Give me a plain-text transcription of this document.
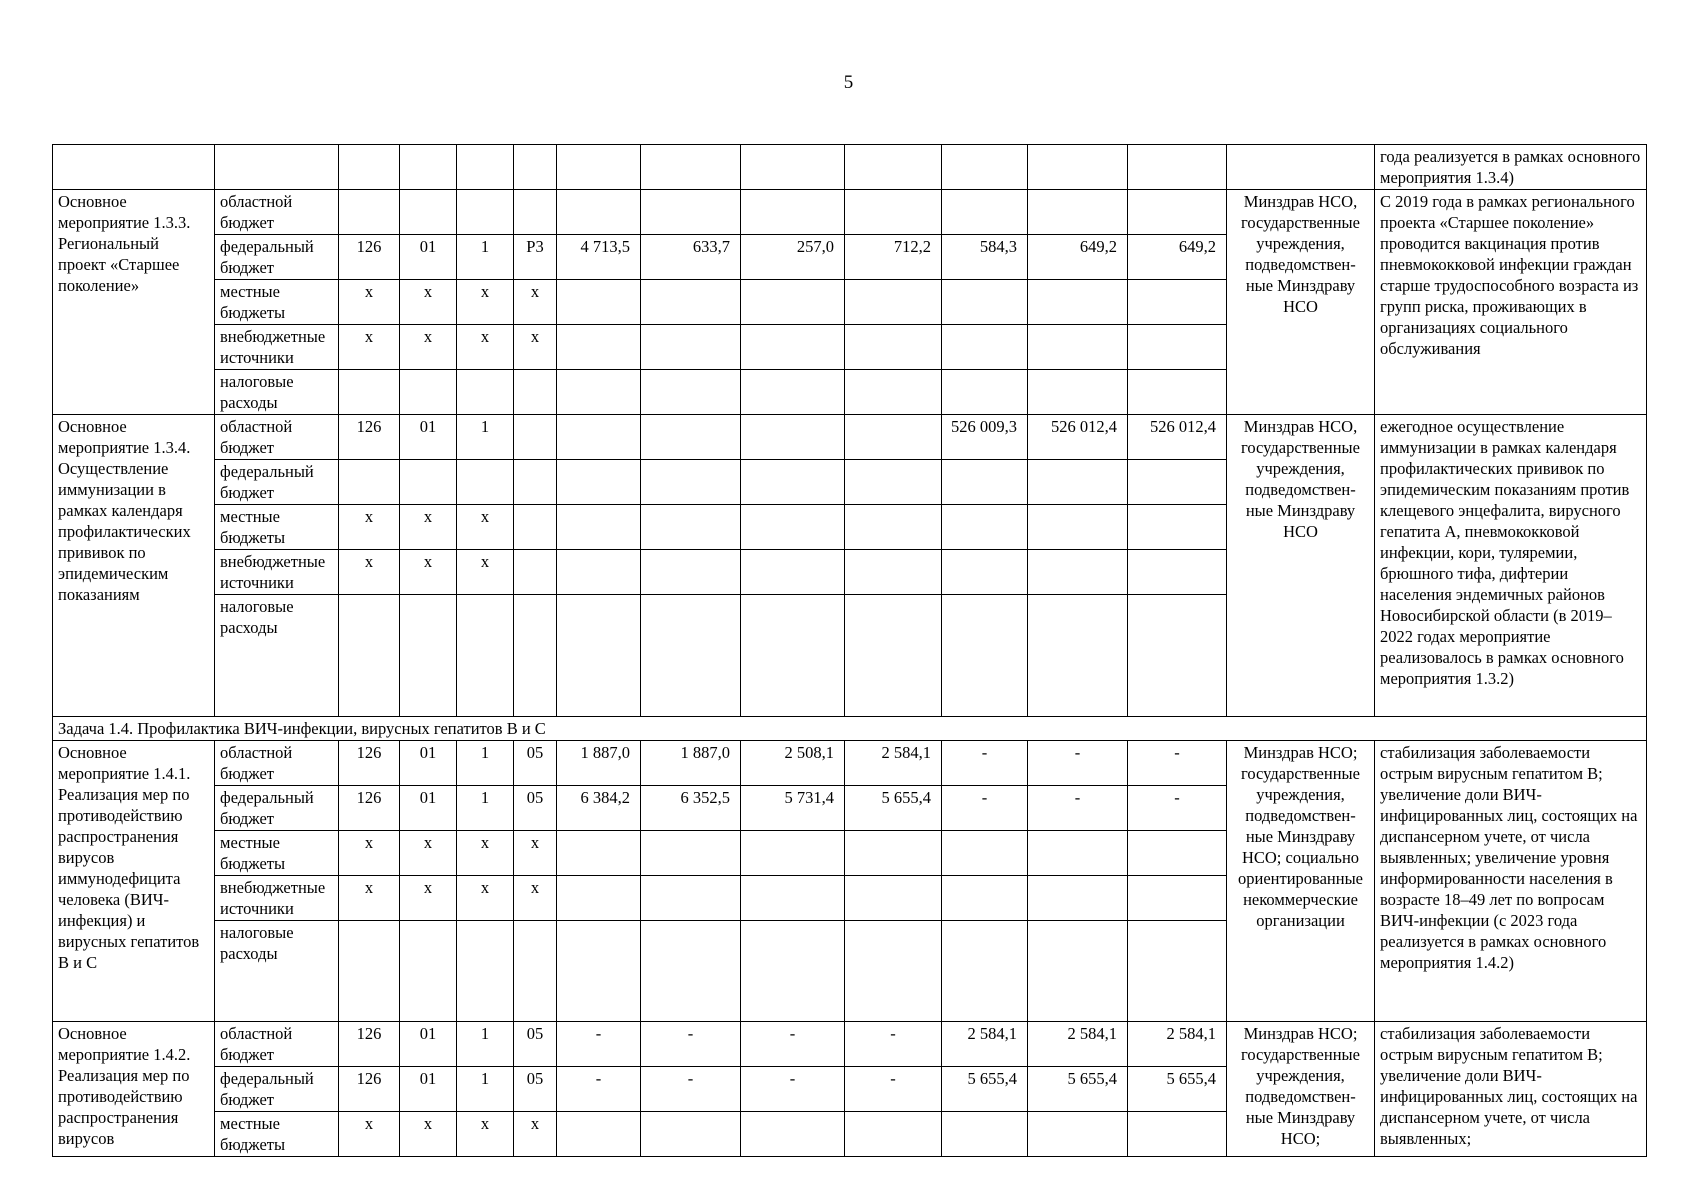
5
														года реализуется в рамках основного мероприятия 1.3.4)
Основное мероприятие 1.3.3. Региональный проект «Старшее поколение»	областной бюджет												Минздрав НСО, государственные учреждения, подведомствен-ные Минздраву НСО	С 2019 года в рамках регионального проекта «Старшее поколение» проводится вакцинация против пневмококковой инфекции граждан старше трудоспособного возраста из групп риска, проживающих в организациях социального обслуживания
	федеральный бюджет	126	01	1	P3	4 713,5	633,7	257,0	712,2	584,3	649,2	649,2		
	местные бюджеты	x	x	x	x									
	внебюджетные источники	x	x	x	x									
	налоговые расходы													
Основное мероприятие 1.3.4. Осуществление иммунизации в рамках календаря профилактических прививок по эпидемическим показаниям	областной бюджет	126	01	1						526 009,3	526 012,4	526 012,4	Минздрав НСО, государственные учреждения, подведомствен-ные Минздраву НСО	ежегодное осуществление иммунизации в рамках календаря профилактических прививок по эпидемическим показаниям против клещевого энцефалита, вирусного гепатита А, пневмококковой инфекции, кори, туляремии, брюшного тифа, дифтерии населения эндемичных районов Новосибирской области (в 2019–2022 годах мероприятие реализовалось в рамках основного мероприятия 1.3.2)
	федеральный бюджет													
	местные бюджеты	x	x	x										
	внебюджетные источники	x	x	x										
	налоговые расходы													
Задача 1.4. Профилактика ВИЧ-инфекции, вирусных гепатитов В и С														
Основное мероприятие 1.4.1. Реализация мер по противодействию распространения вирусов иммунодефицита человека (ВИЧ-инфекция) и вирусных гепатитов В и С	областной бюджет	126	01	1	05	1 887,0	1 887,0	2 508,1	2 584,1	-	-	-	Минздрав НСО; государственные учреждения, подведомствен-ные Минздраву НСО; социально ориентированные некоммерческие организации	стабилизация заболеваемости острым вирусным гепатитом В; увеличение доли ВИЧ-инфицированных лиц, состоящих на диспансерном учете, от числа выявленных; увеличение уровня информированности населения в возрасте 18–49 лет по вопросам ВИЧ-инфекции (с 2023 года реализуется в рамках основного мероприятия 1.4.2)
	федеральный бюджет	126	01	1	05	6 384,2	6 352,5	5 731,4	5 655,4	-	-	-		
	местные бюджеты	x	x	x	x									
	внебюджетные источники	x	x	x	x									
	налоговые расходы													
Основное мероприятие 1.4.2. Реализация мер по противодействию распространения вирусов	областной бюджет	126	01	1	05	-	-	-	-	2 584,1	2 584,1	2 584,1	Минздрав НСО; государственные учреждения, подведомствен-ные Минздраву НСО;	стабилизация заболеваемости острым вирусным гепатитом В; увеличение доли ВИЧ-инфицированных лиц, состоящих на диспансерном учете, от числа выявленных;
	федеральный бюджет	126	01	1	05	-	-	-	-	5 655,4	5 655,4	5 655,4		
	местные бюджеты	x	x	x	x									
